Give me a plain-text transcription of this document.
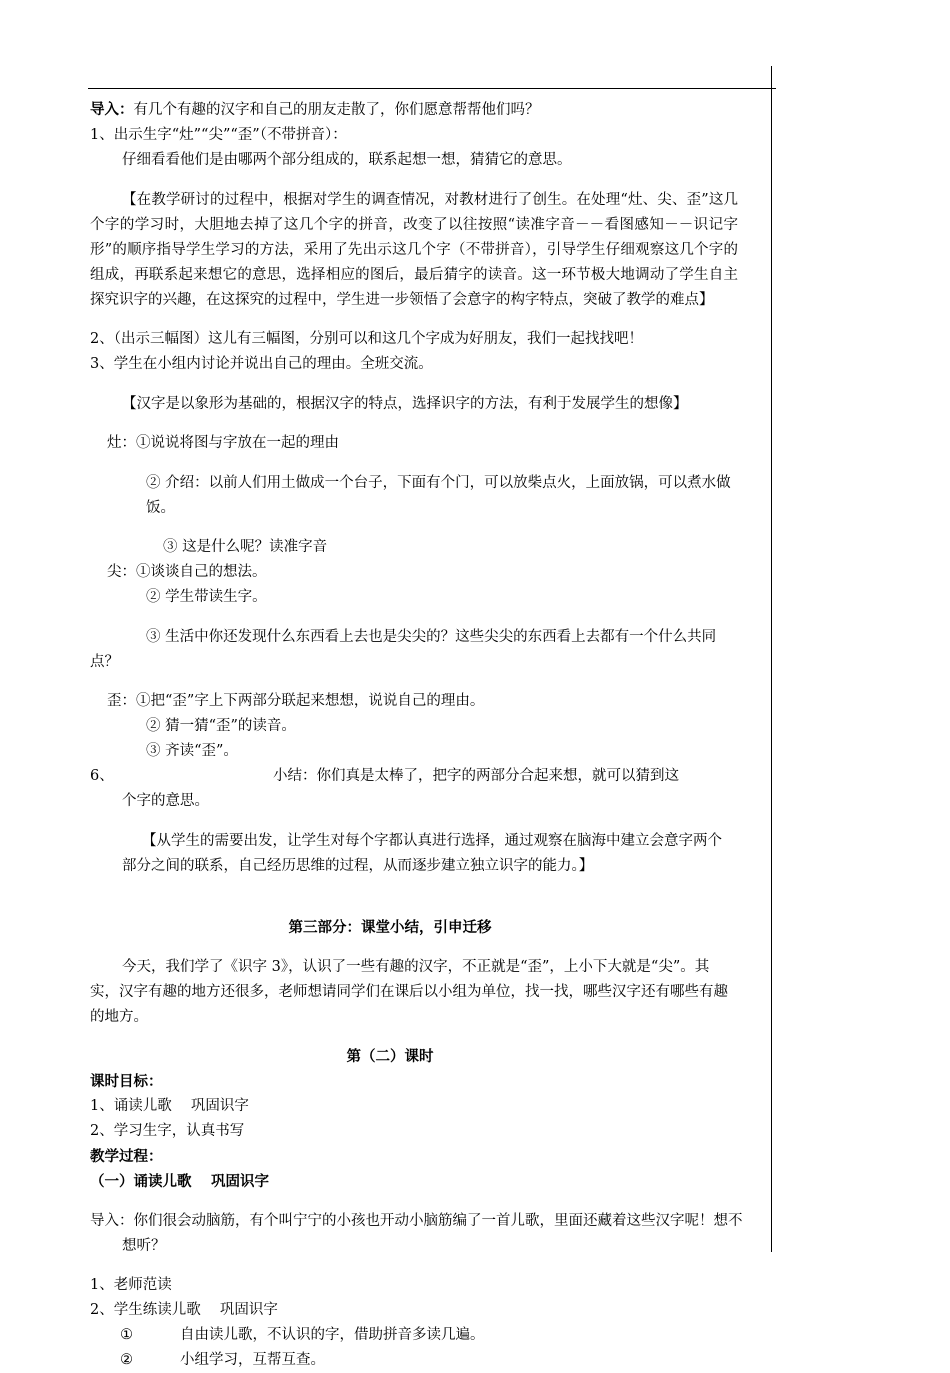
导入：有几个有趣的汉字和自己的朋友走散了，你们愿意帮帮他们吗？

1、出示生字“灶”“尖”“歪”（不带拼音）：

仔细看看他们是由哪两个部分组成的，联系起想一想，猜猜它的意思。

【在教学研讨的过程中，根据对学生的调查情况，对教材进行了创生。在处理“灶、尖、歪”这几个字的学习时，大胆地去掉了这几个字的拼音，改变了以往按照“读准字音－－看图感知－－识记字形”的顺序指导学生学习的方法，采用了先出示这几个字（不带拼音），引导学生仔细观察这几个字的组成，再联系起来想它的意思，选择相应的图后，最后猜字的读音。这一环节极大地调动了学生自主探究识字的兴趣，在这探究的过程中，学生进一步领悟了会意字的构字特点，突破了教学的难点】

2、（出示三幅图）这儿有三幅图，分别可以和这几个字成为好朋友，我们一起找找吧！

3、学生在小组内讨论并说出自己的理由。全班交流。

【汉字是以象形为基础的，根据汉字的特点，选择识字的方法，有利于发展学生的想像】

灶：①说说将图与字放在一起的理由

② 介绍：以前人们用土做成一个台子，下面有个门，可以放柴点火，上面放锅，可以煮水做饭。

③ 这是什么呢？读准字音

尖：①谈谈自己的想法。

② 学生带读生字。

③ 生活中你还发现什么东西看上去也是尖尖的？这些尖尖的东西看上去都有一个什么共同点？

歪：①把“歪”字上下两部分联起来想想，说说自己的理由。

② 猜一猜“歪”的读音。

③ 齐读“歪”。

6、	小结：你们真是太棒了，把字的两部分合起来想，就可以猜到这

个字的意思。

【从学生的需要出发，让学生对每个字都认真进行选择，通过观察在脑海中建立会意字两个部分之间的联系，自己经历思维的过程，从而逐步建立独立识字的能力。】

第三部分：课堂小结，引申迁移

今天，我们学了《识字 3》，认识了一些有趣的汉字，不正就是“歪”，上小下大就是“尖”。其实，汉字有趣的地方还很多，老师想请同学们在课后以小组为单位，找一找，哪些汉字还有哪些有趣的地方。

第（二）课时

课时目标：

1、诵读儿歌　 巩固识字

2、学习生字，认真书写

教学过程：

（一）诵读儿歌　 巩固识字

导入：你们很会动脑筋，有个叫宁宁的小孩也开动小脑筋编了一首儿歌，里面还藏着这些汉字呢！想不想听？

1、老师范读

2、学生练读儿歌　 巩固识字

①	自由读儿歌，不认识的字，借助拼音多读几遍。

②	小组学习，互帮互查。
